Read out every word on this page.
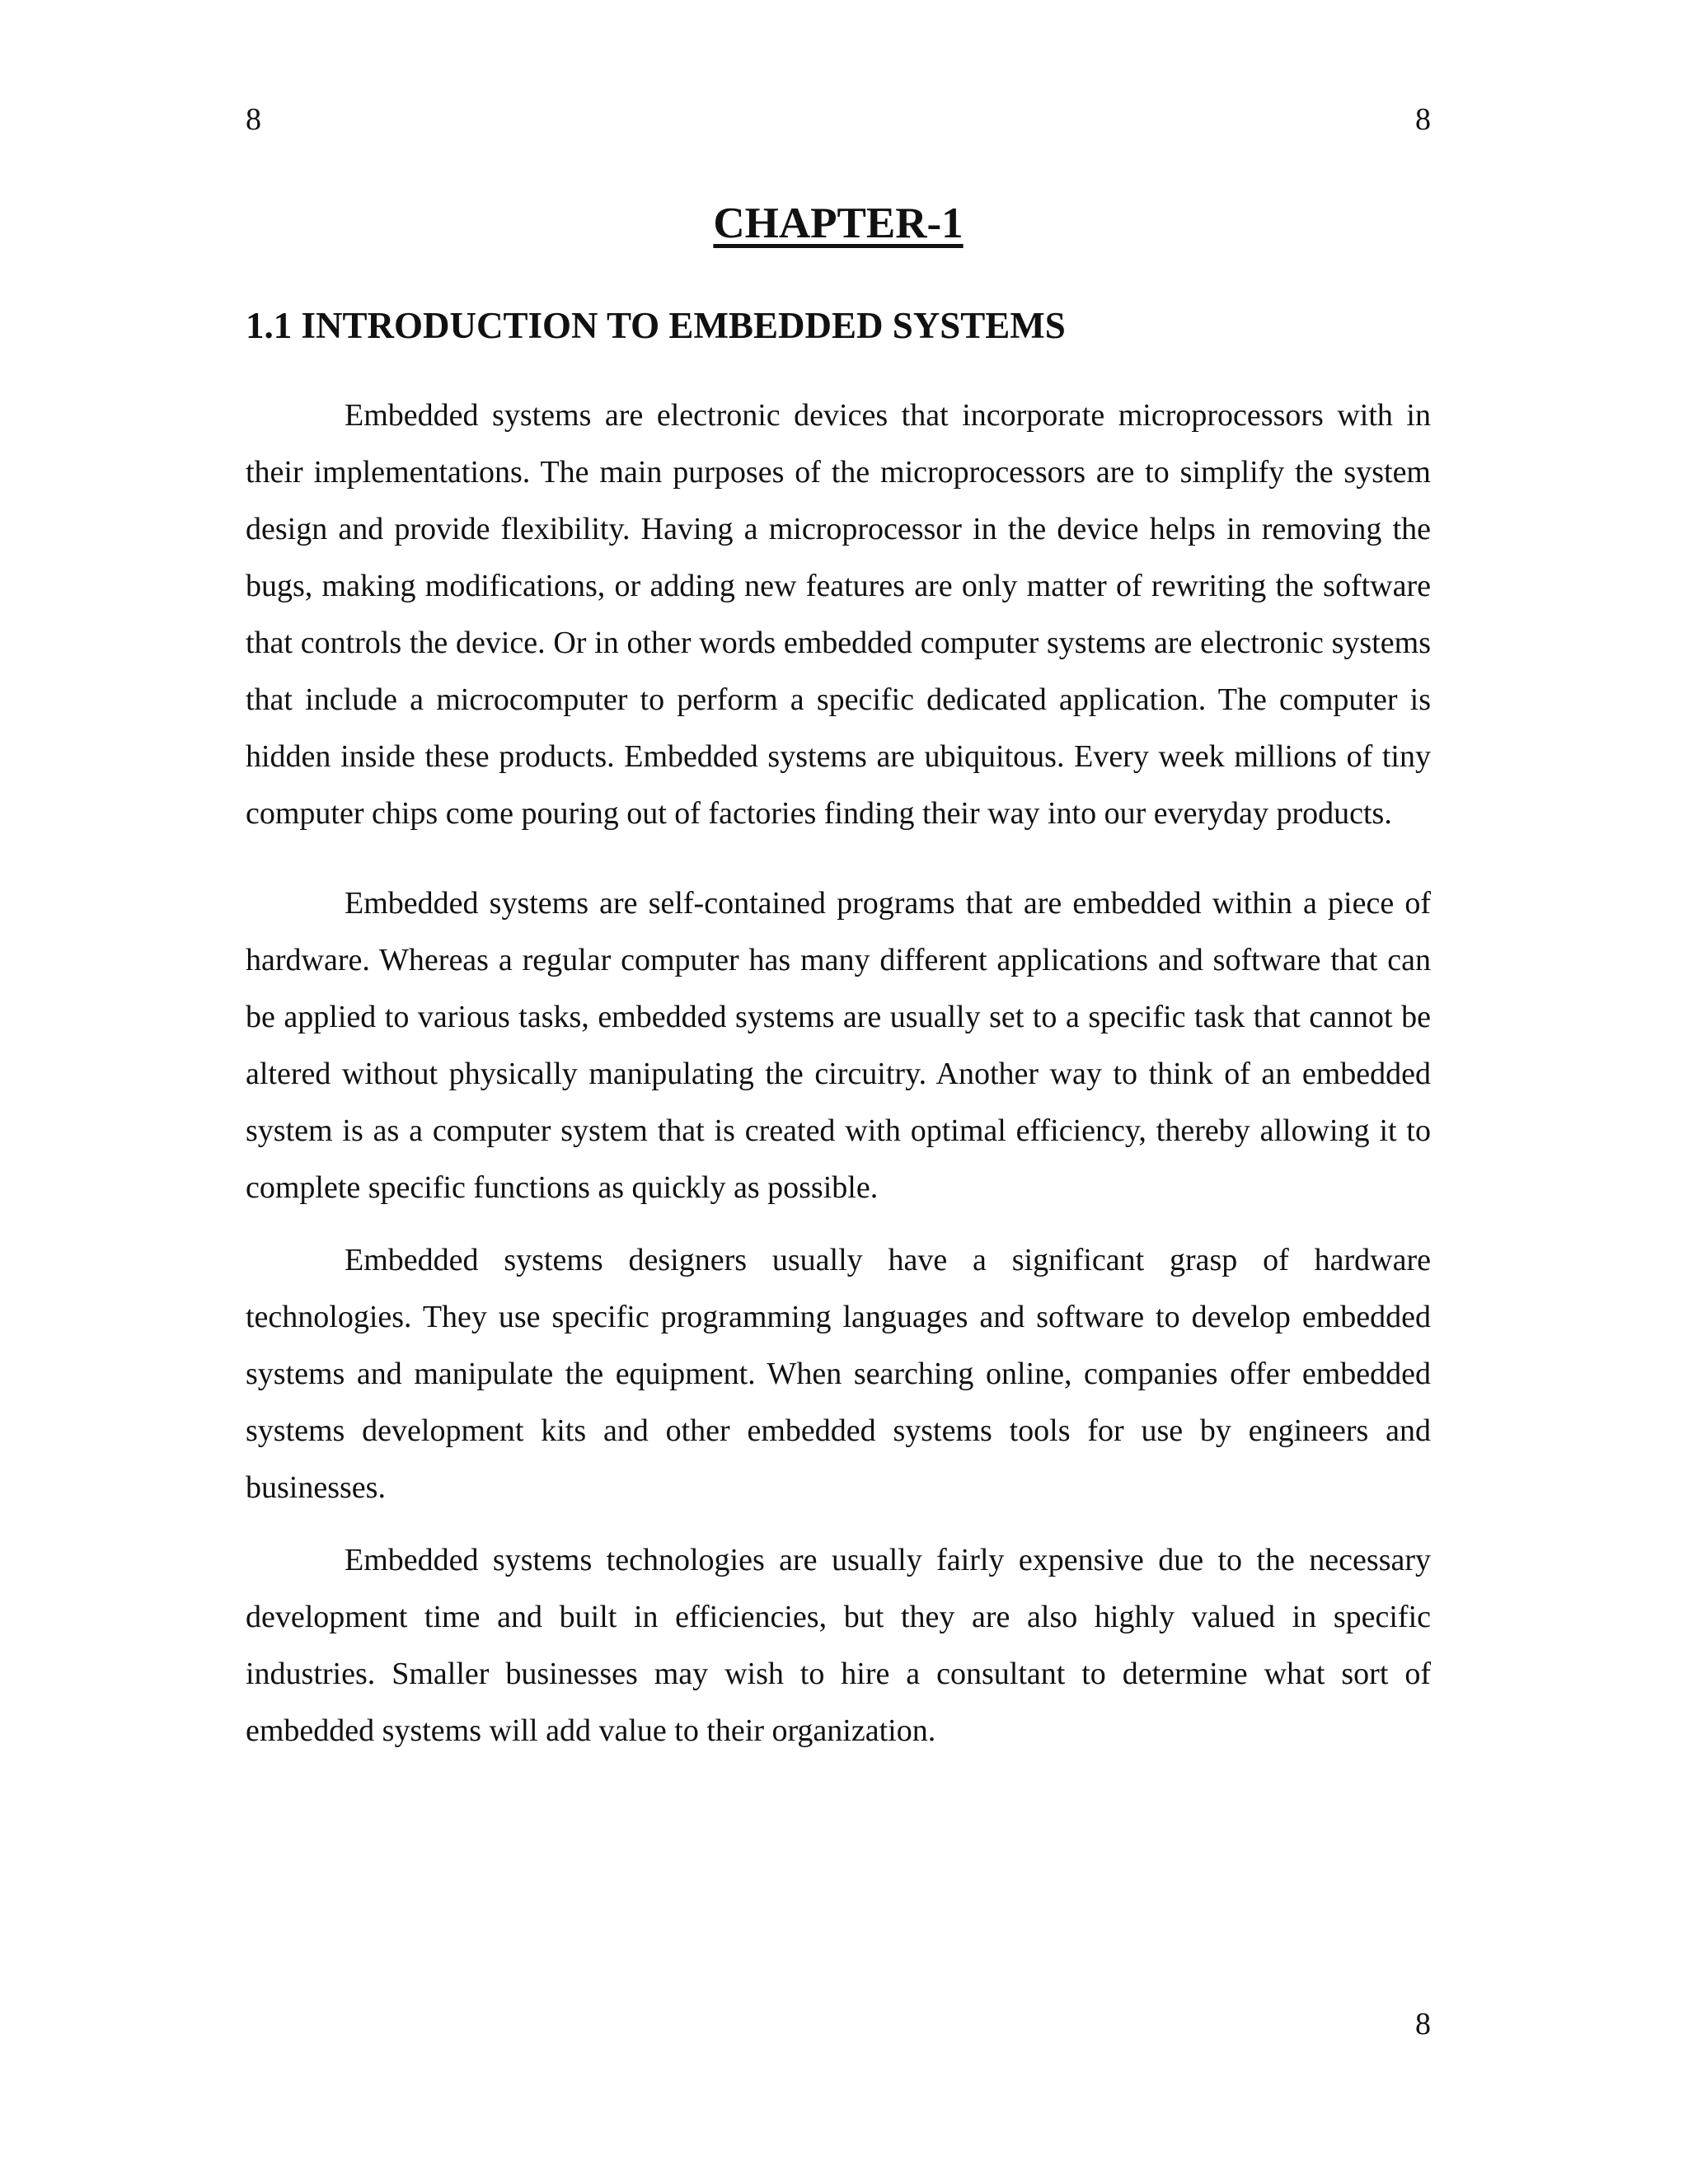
8	8

CHAPTER-1
1.1 INTRODUCTION TO EMBEDDED SYSTEMS

Embedded systems are electronic devices that incorporate microprocessors with in their implementations. The main purposes of the microprocessors are to simplify the system design and provide flexibility. Having a microprocessor in the device helps in removing the bugs, making modifications, or adding new features are only matter of rewriting the software that controls the device. Or in other words embedded computer systems are electronic systems that include a microcomputer to perform a specific dedicated application. The computer is hidden inside these products. Embedded systems are ubiquitous. Every week millions of tiny computer chips come pouring out of factories finding their way into our everyday products.

Embedded systems are self-contained programs that are embedded within a piece of hardware. Whereas a regular computer has many different applications and software that can be applied to various tasks, embedded systems are usually set to a specific task that cannot be altered without physically manipulating the circuitry. Another way to think of an embedded system is as a computer system that is created with optimal efficiency, thereby allowing it to complete specific functions as quickly as possible.

Embedded systems designers usually have a significant grasp of hardware technologies. They use specific programming languages and software to develop embedded systems and manipulate the equipment. When searching online, companies offer embedded systems development kits and other embedded systems tools for use by engineers and businesses.

Embedded systems technologies are usually fairly expensive due to the necessary development time and built in efficiencies, but they are also highly valued in specific industries. Smaller businesses may wish to hire a consultant to determine what sort of embedded systems will add value to their organization.

8
